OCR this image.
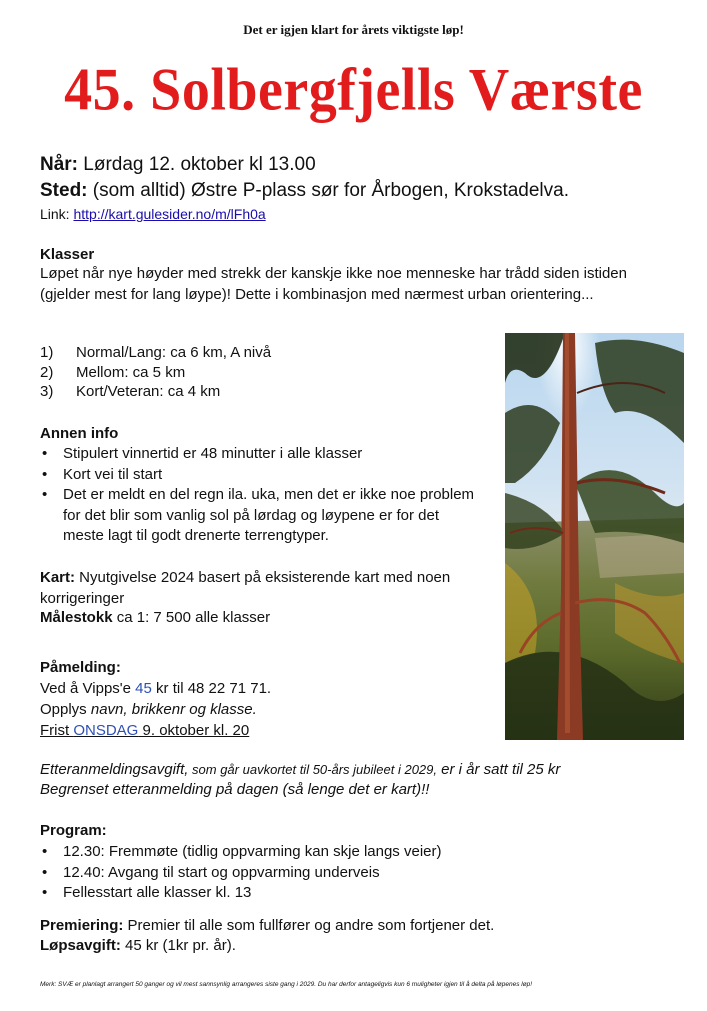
Det er igjen klart for årets viktigste løp!
45. Solbergfjells Værste
Når: Lørdag 12. oktober kl 13.00
Sted: (som alltid) Østre P-plass sør for Årbogen, Krokstadelva.
Link: http://kart.gulesider.no/m/lFh0a
Klasser
Løpet når nye høyder med strekk der kanskje ikke noe menneske har trådd siden istiden (gjelder mest for lang løype)! Dette i kombinasjon med nærmest urban orientering...
1)	Normal/Lang: ca 6 km, A nivå
2)	Mellom: ca 5 km
3)	Kort/Veteran: ca 4 km
Annen info
• Stipulert vinnertid er 48 minutter i alle klasser
• Kort vei til start
• Det er meldt en del regn ila. uka, men det er ikke noe problem for det blir som vanlig sol på lørdag og løypene er for det meste lagt til godt drenerte terrengtyper.
Kart: Nyutgivelse 2024 basert på eksisterende kart med noen korrigeringer
Målestokk ca 1: 7 500 alle klasser
Påmelding:
Ved å Vipps'e 45 kr til 48 22 71 71.
Opplys navn, brikkenr og klasse.
Frist ONSDAG 9. oktober kl. 20
Etteranmeldingsavgift, som går uavkortet til 50-års jubileet i 2029, er i år satt til 25 kr
Begrenset etteranmelding på dagen (så lenge det er kart)!!
Program:
• 12.30: Fremmøte (tidlig oppvarming kan skje langs veier)
• 12.40: Avgang til start og oppvarming underveis
• Fellesstart alle klasser kl. 13
Premiering: Premier til alle som fullfører og andre som fortjener det.
Løpsavgift: 45 kr (1kr pr. år).
Merk: SVÆ er planlagt arrangert 50 ganger og vil mest sannsynlig arrangeres siste gang i 2029. Du har derfor antageligvis kun 6 muligheter igjen til å delta på løpenes løp!
